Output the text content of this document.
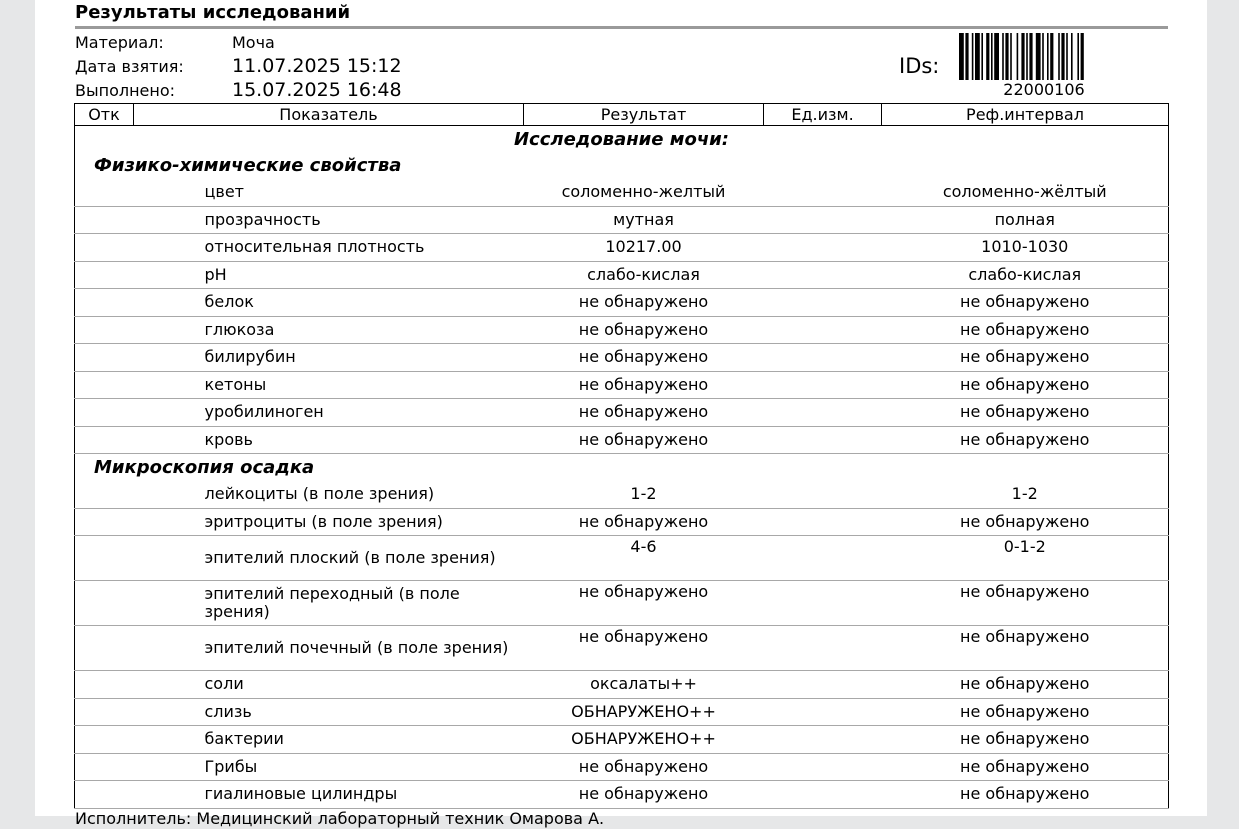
Результаты исследований
Материал:	Моча
Дата взятия:	11.07.2025 15:12
Выполнено:	15.07.2025 16:48
IDs:
22000106
Отк	Показатель	Результат	Ед.изм.	Реф.интервал
Исследование мочи:				
Физико-химические свойства				
	цвет	соломенно-желтый		соломенно-жёлтый
	прозрачность	мутная		полная
	относительная плотность	10217.00		1010-1030
	pH	слабо-кислая		слабо-кислая
	белок	не обнаружено		не обнаружено
	глюкоза	не обнаружено		не обнаружено
	билирубин	не обнаружено		не обнаружено
	кетоны	не обнаружено		не обнаружено
	уробилиноген	не обнаружено		не обнаружено
	кровь	не обнаружено		не обнаружено
Микроскопия осадка				
	лейкоциты (в поле зрения)	1-2		1-2
	эритроциты (в поле зрения)	не обнаружено		не обнаружено
	эпителий плоский (в поле зрения)	4-6		0-1-2
	эпителий переходный (в поле зрения)	не обнаружено		не обнаружено
	эпителий почечный (в поле зрения)	не обнаружено		не обнаружено
	соли	оксалаты++		не обнаружено
	слизь	ОБНАРУЖЕНО++		не обнаружено
	бактерии	ОБНАРУЖЕНО++		не обнаружено
	Грибы	не обнаружено		не обнаружено
	гиалиновые цилиндры	не обнаружено		не обнаружено
Исполнитель: Медицинский лабораторный техник Омарова А.
